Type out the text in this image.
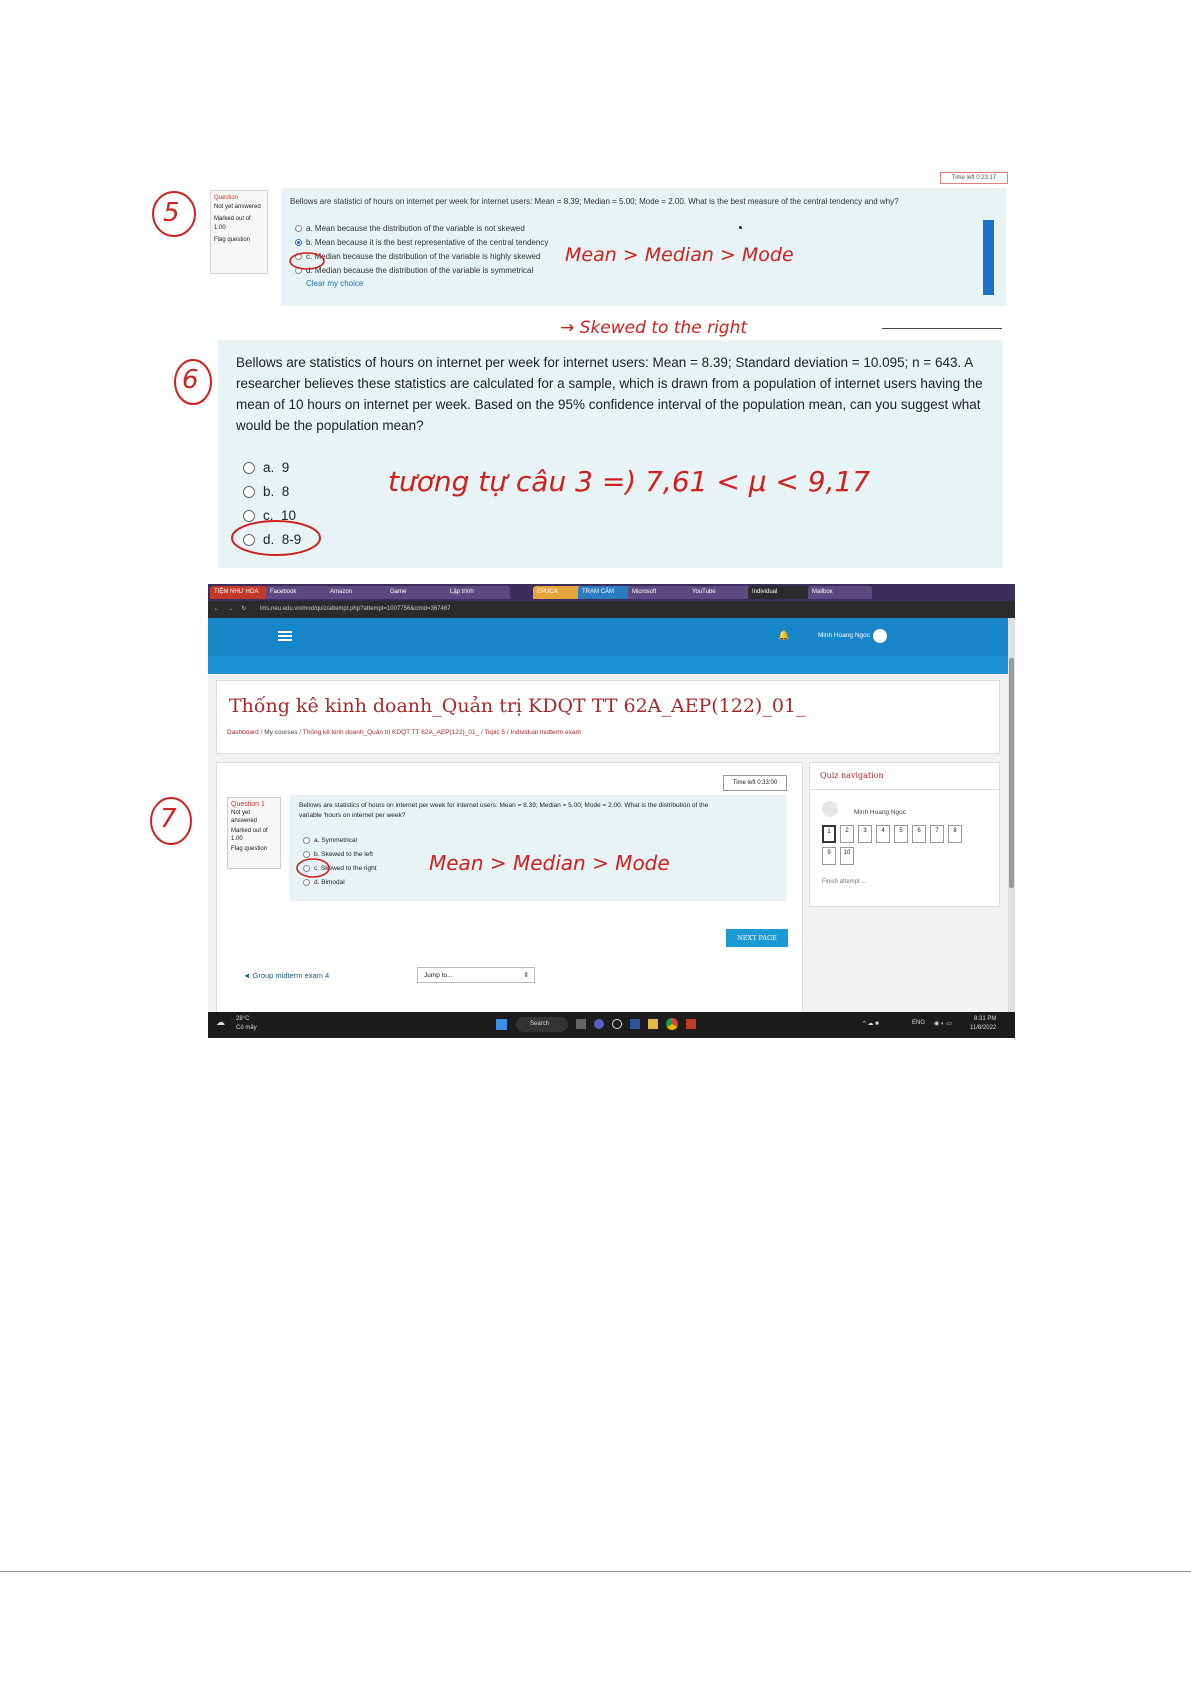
5
Time left 0:23:17
Question
Not yet answered
Marked out of 1.00
Flag question
Bellows are statistici of hours on internet per week for internet users: Mean = 8.39; Median = 5.00; Mode = 2.00. What is the best measure of the central tendency and why?
a. Mean because the distribution of the variable is not skewed
b. Mean because it is the best representative of the central tendency
c. Median because the distribution of the variable is highly skewed
d. Median because the distribution of the variable is symmetrical
Clear my choice
Mean > Median > Mode
→ Skewed to the right
6
Bellows are statistics of hours on internet per week for internet users: Mean = 8.39; Standard deviation = 10.095; n = 643. A researcher believes these statistics are calculated for a sample, which is drawn from a population of internet users having the mean of 10 hours on internet per week. Based on the 95% confidence interval of the population mean, can you suggest what would be the population mean?
a. 9
b. 8
c. 10
d. 8-9
tương tự câu 3 =) 7,61 < μ < 9,17
7
TIỆM NHƯ HOA	Facebook	Amazon	Game	Lập trình	EPUCA	TRẠM CẢM	Microsoft	YouTube	Individual	Mailbox
← → ↻ lms.neu.edu.vn/mod/quiz/attempt.php?attempt=1007756&cmid=367467
🔔	Minh Hoang Ngoc
Thống kê kinh doanh_Quản trị KDQT TT 62A_AEP(122)_01_
Dashboard / My courses / Thống kê kinh doanh_Quản trị KDQT TT 62A_AEP(122)_01_ / Topic 5 / Individual midterm exam
Time left 0:33:00
Question 1
Not yet answered
Marked out of 1.00
Flag question
Bellows are statistics of hours on internet per week for internet users: Mean = 8.39; Median = 5.00; Mode = 2.00. What is the distribution of the variable 'hours on internet per week?
a. Symmetrical
b. Skewed to the left
c. Skewed to the right
d. Bimodal
Mean > Median > Mode
NEXT PAGE
◄ Group midterm exam 4	Jump to...	⇕
Quiz navigation
Minh Hoang Ngoc
1	2	3	4	5	6	7	8
9	10
Finish attempt ...
☁ 28°C
Có mây
Search	^ ☁ ■	ENG ◉ ◐ ▭
8:31 PM
11/8/2022
